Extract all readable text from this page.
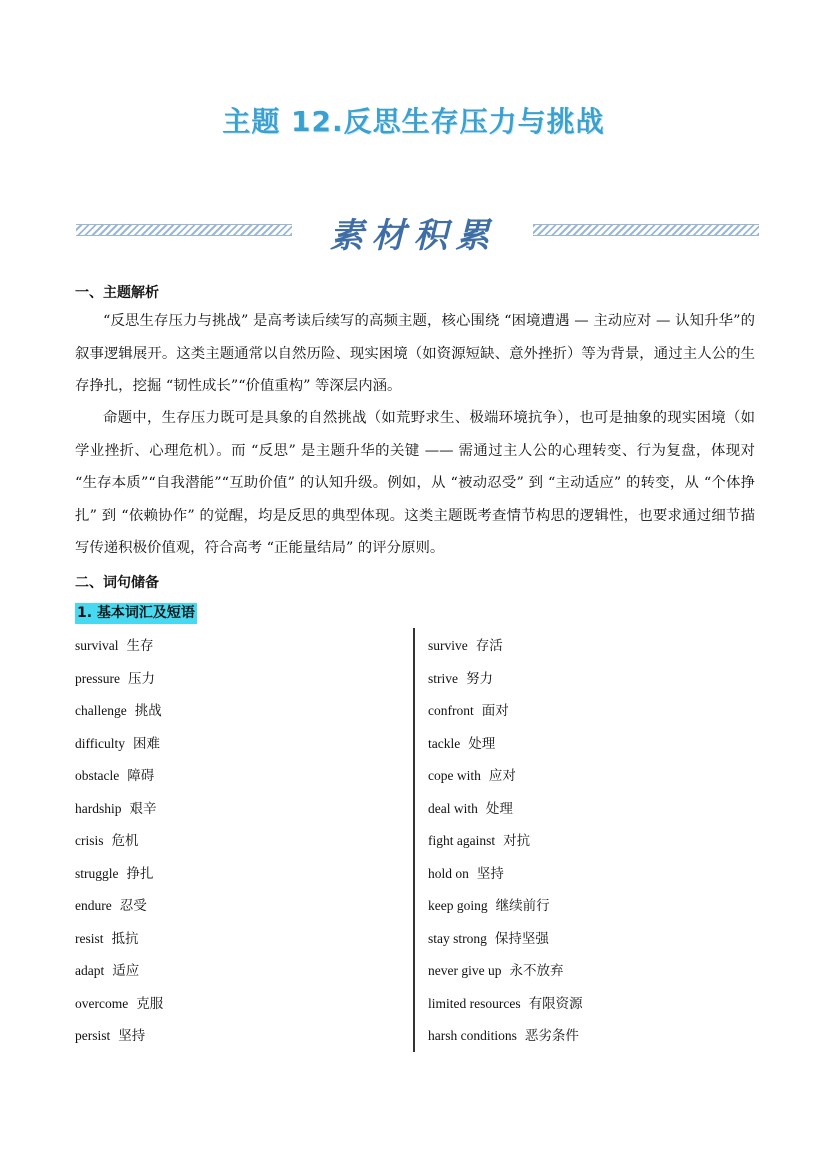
主题 12.反思生存压力与挑战
素材积累
一、主题解析

“反思生存压力与挑战” 是高考读后续写的高频主题，核心围绕 “困境遭遇 — 主动应对 — 认知升华”的叙事逻辑展开。这类主题通常以自然历险、现实困境（如资源短缺、意外挫折）等为背景，通过主人公的生存挣扎，挖掘 “韧性成长”“价值重构” 等深层内涵。

命题中，生存压力既可是具象的自然挑战（如荒野求生、极端环境抗争），也可是抽象的现实困境（如学业挫折、心理危机）。而 “反思” 是主题升华的关键 —— 需通过主人公的心理转变、行为复盘，体现对 “生存本质”“自我潜能”“互助价值” 的认知升级。例如，从 “被动忍受” 到 “主动适应” 的转变，从 “个体挣扎” 到 “依赖协作” 的觉醒，均是反思的典型体现。这类主题既考查情节构思的逻辑性，也要求通过细节描写传递积极价值观，符合高考 “正能量结局” 的评分原则。

二、词句储备
1. 基本词汇及短语
survival 生存
pressure 压力
challenge 挑战
difficulty 困难
obstacle 障碍
hardship 艰辛
crisis 危机
struggle 挣扎
endure 忍受
resist 抵抗
adapt 适应
overcome 克服
persist 坚持
survive 存活
strive 努力
confront 面对
tackle 处理
cope with 应对
deal with 处理
fight against 对抗
hold on 坚持
keep going 继续前行
stay strong 保持坚强
never give up 永不放弃
limited resources 有限资源
harsh conditions 恶劣条件
